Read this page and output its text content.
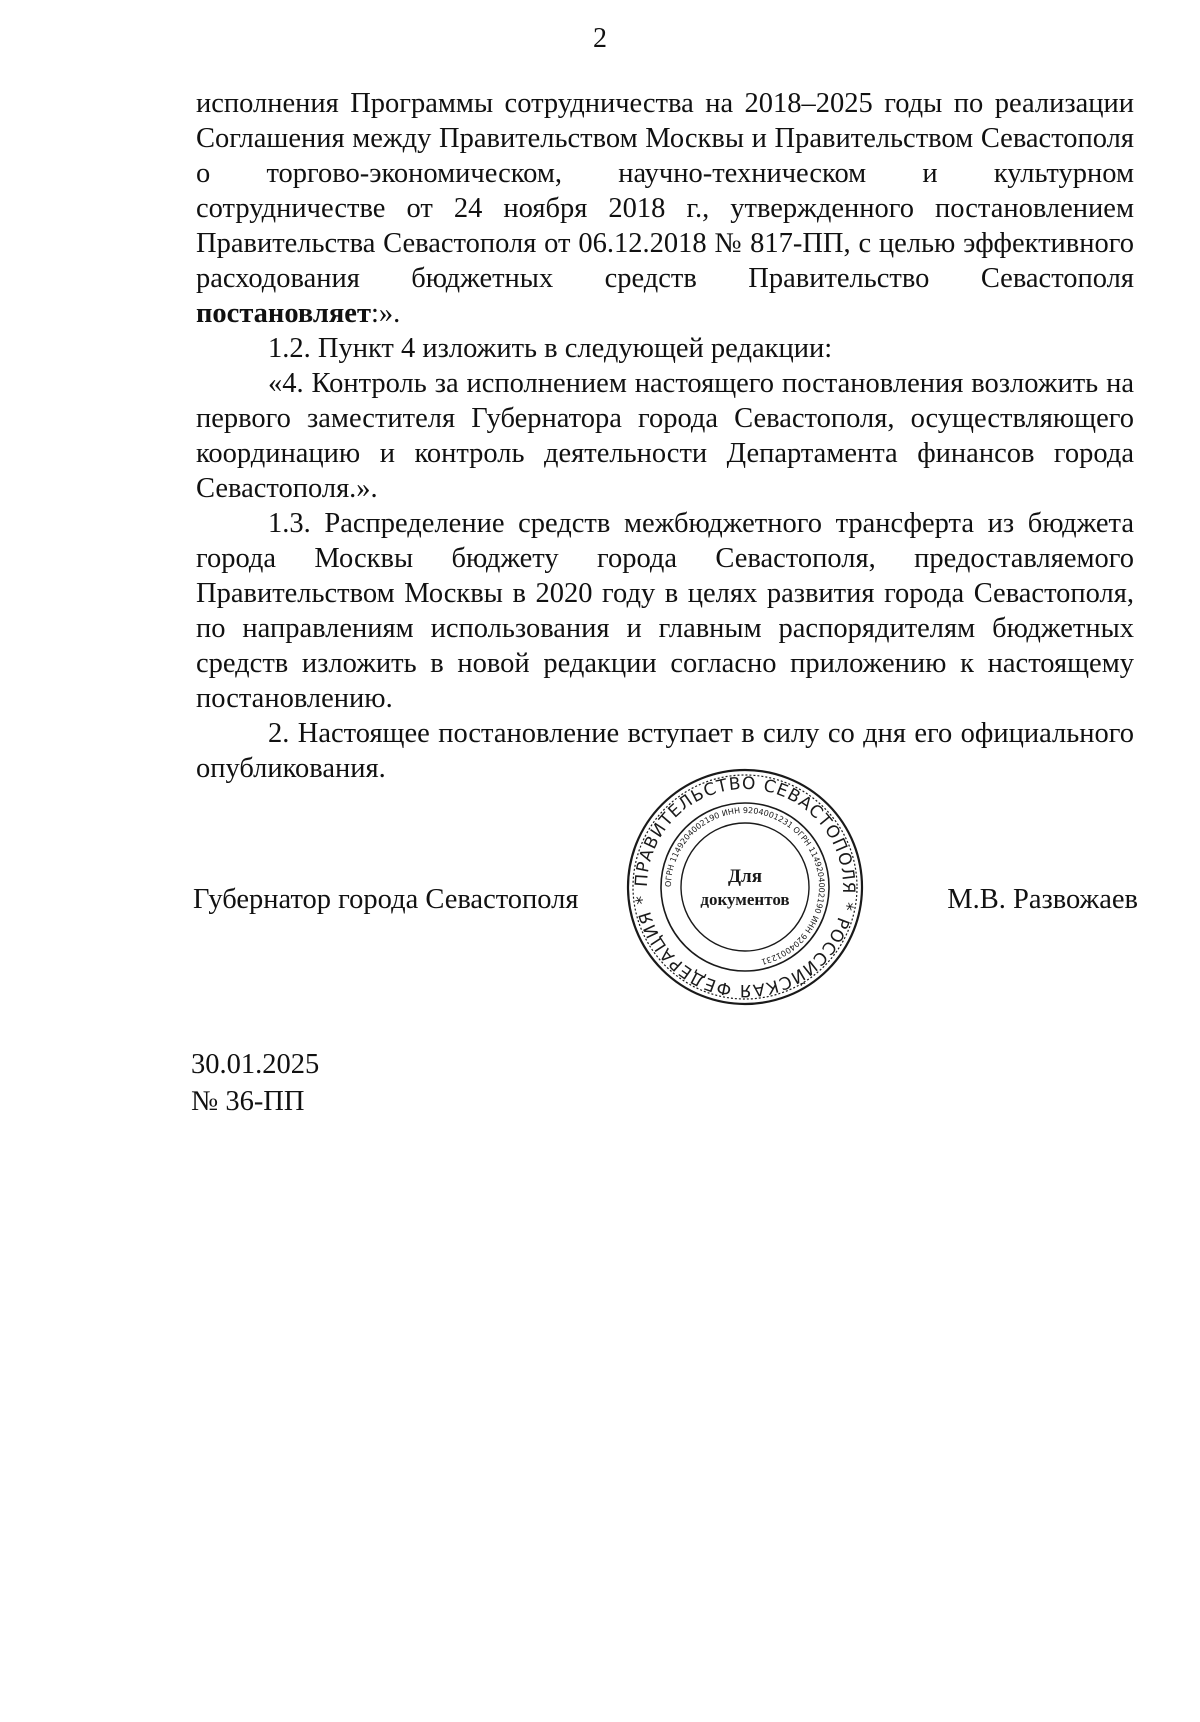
2

исполнения Программы сотрудничества на 2018–2025 годы по реализации Соглашения между Правительством Москвы и Правительством Севастополя о торгово-экономическом, научно-техническом и культурном сотрудничестве от 24 ноября 2018 г., утвержденного постановлением Правительства Севастополя от 06.12.2018 № 817-ПП, с целью эффективного расходования бюджетных средств Правительство Севастополя постановляет:».

1.2. Пункт 4 изложить в следующей редакции:

«4. Контроль за исполнением настоящего постановления возложить на первого заместителя Губернатора города Севастополя, осуществляющего координацию и контроль деятельности Департамента финансов города Севастополя.».

1.3. Распределение средств межбюджетного трансферта из бюджета города Москвы бюджету города Севастополя, предоставляемого Правительством Москвы в 2020 году в целях развития города Севастополя, по направлениям использования и главным распорядителям бюджетных средств изложить в новой редакции согласно приложению к настоящему постановлению.

2. Настоящее постановление вступает в силу со дня его официального опубликования.

ПРАВИТЕЛЬСТВО СЕВАСТОПОЛЯ * РОССИЙСКАЯ ФЕДЕРАЦИЯ *
ОГРН 1149204002190 ИНН 9204001231 ОГРН 1149204002190 ИНН 9204001231
Для
документов
Губернатор города Севастополя	М.В. Развожаев
30.01.2025
№ 36-ПП
